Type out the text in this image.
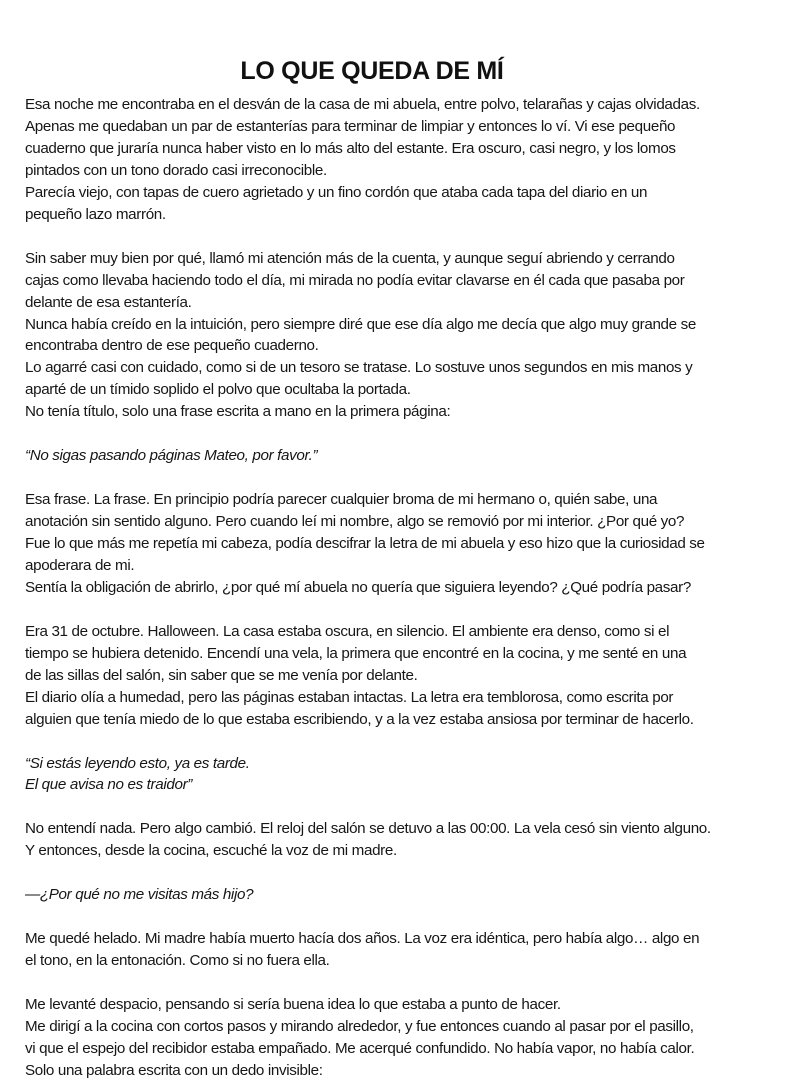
LO QUE QUEDA DE MÍ
Esa noche me encontraba en el desván de la casa de mi abuela, entre polvo, telarañas y cajas olvidadas.
Apenas me quedaban un par de estanterías para terminar de limpiar y entonces lo ví. Vi ese pequeño
cuaderno que juraría nunca haber visto en lo más alto del estante. Era oscuro, casi negro, y los lomos
pintados con un tono dorado casi irreconocible.
Parecía viejo, con tapas de cuero agrietado y un fino cordón que ataba cada tapa del diario en un
pequeño lazo marrón.
Sin saber muy bien por qué, llamó mi atención más de la cuenta, y aunque seguí abriendo y cerrando
cajas como llevaba haciendo todo el día, mi mirada no podía evitar clavarse en él cada que pasaba por
delante de esa estantería.
Nunca había creído en la intuición, pero siempre diré que ese día algo me decía que algo muy grande se
encontraba dentro de ese pequeño cuaderno.
Lo agarré casi con cuidado, como si de un tesoro se tratase. Lo sostuve unos segundos en mis manos y
aparté de un tímido soplido el polvo que ocultaba la portada.
No tenía título, solo una frase escrita a mano en la primera página:
“No sigas pasando páginas Mateo, por favor.”
Esa frase. La frase. En principio podría parecer cualquier broma de mi hermano o, quién sabe, una
anotación sin sentido alguno. Pero cuando leí mi nombre, algo se removió por mi interior. ¿Por qué yo?
Fue lo que más me repetía mi cabeza, podía descifrar la letra de mi abuela y eso hizo que la curiosidad se
apoderara de mi.
Sentía la obligación de abrirlo, ¿por qué mí abuela no quería que siguiera leyendo? ¿Qué podría pasar?
Era 31 de octubre. Halloween. La casa estaba oscura, en silencio. El ambiente era denso, como si el
tiempo se hubiera detenido. Encendí una vela, la primera que encontré en la cocina, y me senté en una
de las sillas del salón, sin saber que se me venía por delante.
El diario olía a humedad, pero las páginas estaban intactas. La letra era temblorosa, como escrita por
alguien que tenía miedo de lo que estaba escribiendo, y a la vez estaba ansiosa por terminar de hacerlo.
“Si estás leyendo esto, ya es tarde.
El que avisa no es traidor”
No entendí nada. Pero algo cambió. El reloj del salón se detuvo a las 00:00. La vela cesó sin viento alguno.
Y entonces, desde la cocina, escuché la voz de mi madre.
—¿Por qué no me visitas más hijo?
Me quedé helado. Mi madre había muerto hacía dos años. La voz era idéntica, pero había algo… algo en
el tono, en la entonación. Como si no fuera ella.
Me levanté despacio, pensando si sería buena idea lo que estaba a punto de hacer.
Me dirigí a la cocina con cortos pasos y mirando alrededor, y fue entonces cuando al pasar por el pasillo,
vi que el espejo del recibidor estaba empañado. Me acerqué confundido. No había vapor, no había calor.
Solo una palabra escrita con un dedo invisible:
